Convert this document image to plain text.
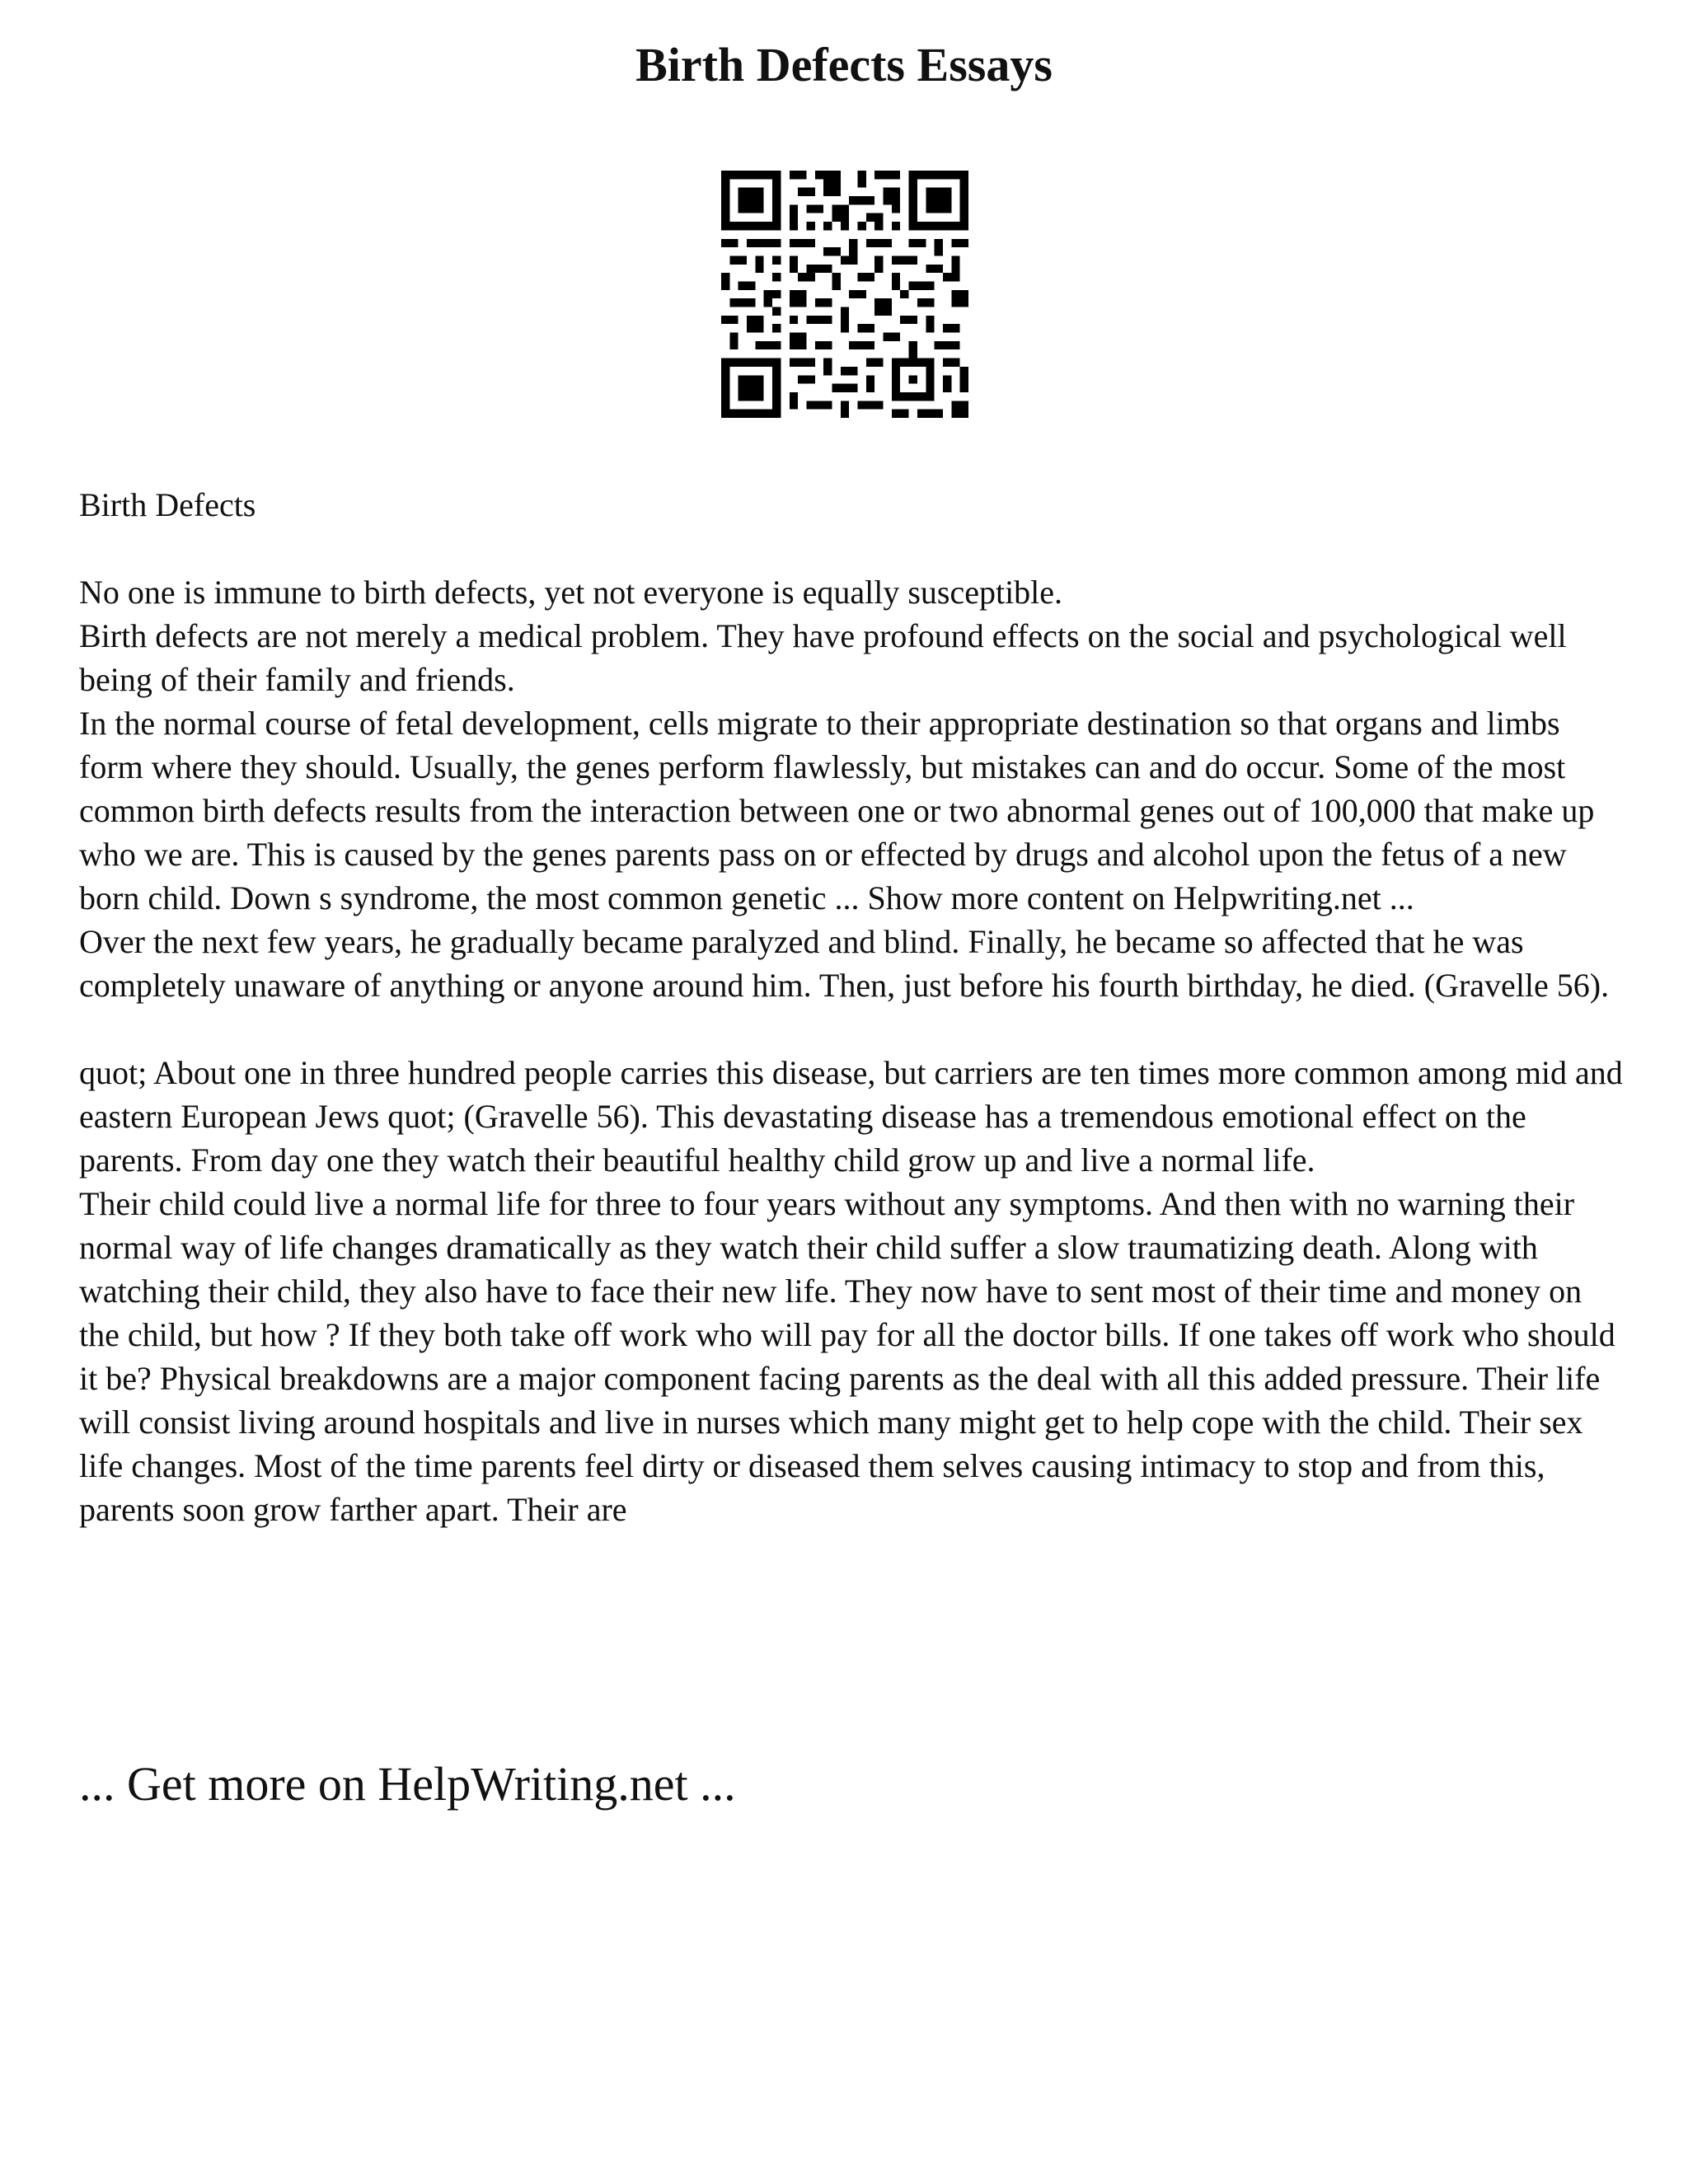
Birth Defects Essays

Birth Defects

No one is immune to birth defects, yet not everyone is equally susceptible.

Birth defects are not merely a medical problem. They have profound effects on the social and psychological well being of their family and friends.

In the normal course of fetal development, cells migrate to their appropriate destination so that organs and limbs form where they should. Usually, the genes perform flawlessly, but mistakes can and do occur. Some of the most common birth defects results from the interaction between one or two abnormal genes out of 100,000 that make up who we are. This is caused by the genes parents pass on or effected by drugs and alcohol upon the fetus of a new born child. Down s syndrome, the most common genetic ... Show more content on Helpwriting.net ...

Over the next few years, he gradually became paralyzed and blind. Finally, he became so affected that he was completely unaware of anything or anyone around him. Then, just before his fourth birthday, he died. (Gravelle 56).

quot; About one in three hundred people carries this disease, but carriers are ten times more common among mid and eastern European Jews quot; (Gravelle 56). This devastating disease has a tremendous emotional effect on the parents. From day one they watch their beautiful healthy child grow up and live a normal life.

Their child could live a normal life for three to four years without any symptoms. And then with no warning their normal way of life changes dramatically as they watch their child suffer a slow traumatizing death. Along with watching their child, they also have to face their new life. They now have to sent most of their time and money on the child, but how ? If they both take off work who will pay for all the doctor bills. If one takes off work who should it be? Physical breakdowns are a major component facing parents as the deal with all this added pressure. Their life will consist living around hospitals and live in nurses which many might get to help cope with the child. Their sex life changes. Most of the time parents feel dirty or diseased them selves causing intimacy to stop and from this, parents soon grow farther apart. Their are

... Get more on HelpWriting.net ...
